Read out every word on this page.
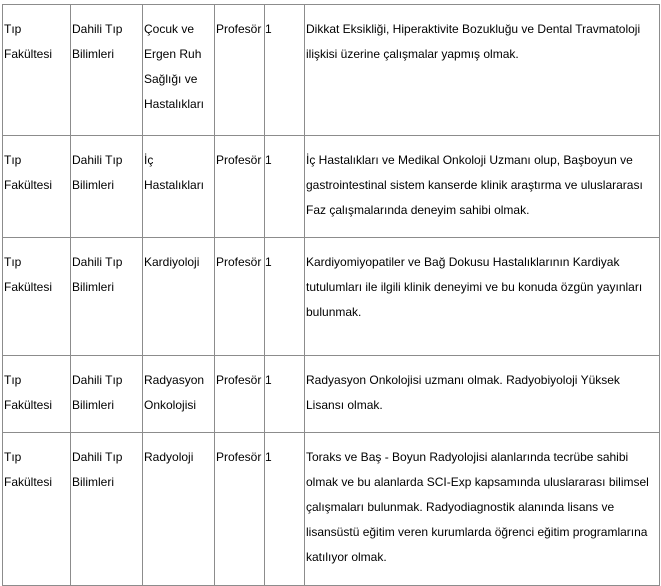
Tıp Fakültesi	Dahili Tıp Bilimleri	Çocuk ve Ergen Ruh Sağlığı ve Hastalıkları	Profesör	1	Dikkat Eksikliği, Hiperaktivite Bozukluğu ve Dental Travmatoloji ilişkisi üzerine çalışmalar yapmış olmak.
Tıp Fakültesi	Dahili Tıp Bilimleri	İç Hastalıkları	Profesör	1	İç Hastalıkları ve Medikal Onkoloji Uzmanı olup, Başboyun ve gastrointestinal sistem kanserde klinik araştırma ve uluslararası Faz çalışmalarında deneyim sahibi olmak.
Tıp Fakültesi	Dahili Tıp Bilimleri	Kardiyoloji	Profesör	1	Kardiyomiyopatiler ve Bağ Dokusu Hastalıklarının Kardiyak tutulumları ile ilgili klinik deneyimi ve bu konuda özgün yayınları bulunmak.
Tıp Fakültesi	Dahili Tıp Bilimleri	Radyasyon Onkolojisi	Profesör	1	Radyasyon Onkolojisi uzmanı olmak. Radyobiyoloji Yüksek Lisansı olmak.
Tıp Fakültesi	Dahili Tıp Bilimleri	Radyoloji	Profesör	1	Toraks ve Baş - Boyun Radyolojisi alanlarında tecrübe sahibi olmak ve bu alanlarda SCI-Exp kapsamında uluslararası bilimsel çalışmaları bulunmak. Radyodiagnostik alanında lisans ve lisansüstü eğitim veren kurumlarda öğrenci eğitim programlarına katılıyor olmak.
